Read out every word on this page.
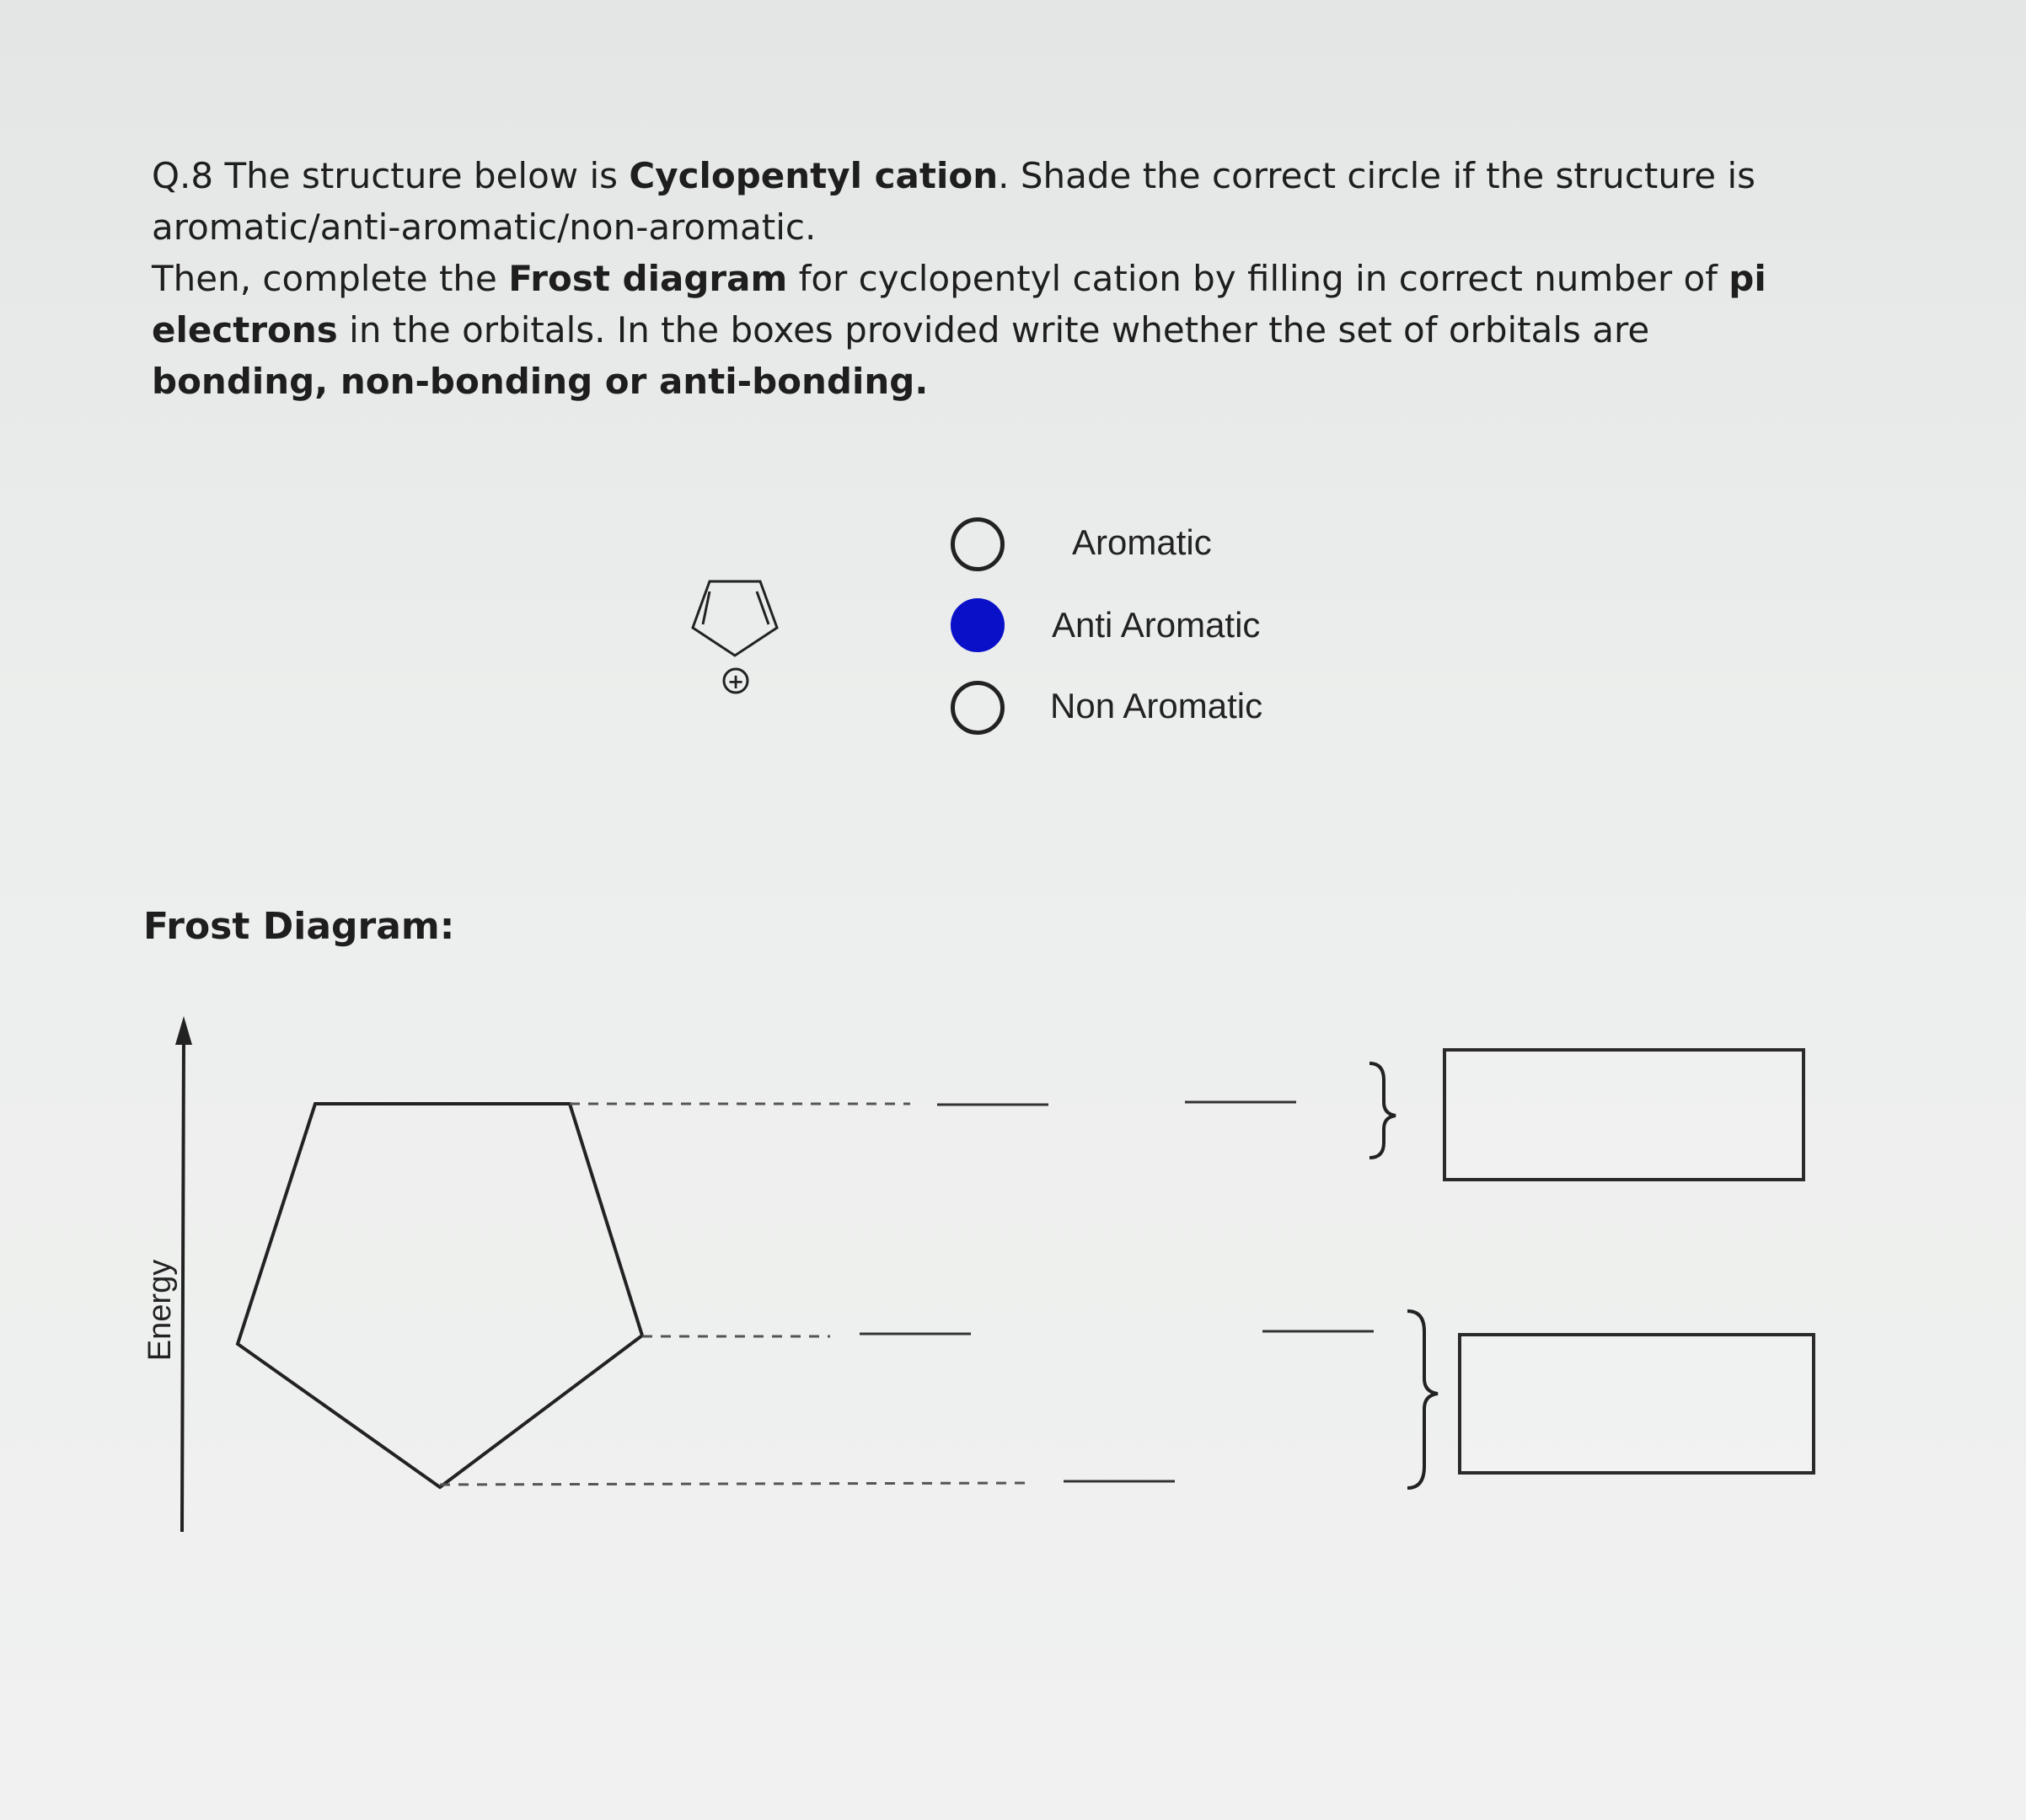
Q.8 The structure below is Cyclopentyl cation. Shade the correct circle if the structure is aromatic/anti-aromatic/non-aromatic.

Then, complete the Frost diagram for cyclopentyl cation by filling in correct number of pi electrons in the orbitals. In the boxes provided write whether the set of orbitals are bonding, non-bonding or anti-bonding.

+
Energy
Aromatic
Anti Aromatic
Non Aromatic
Frost Diagram:
